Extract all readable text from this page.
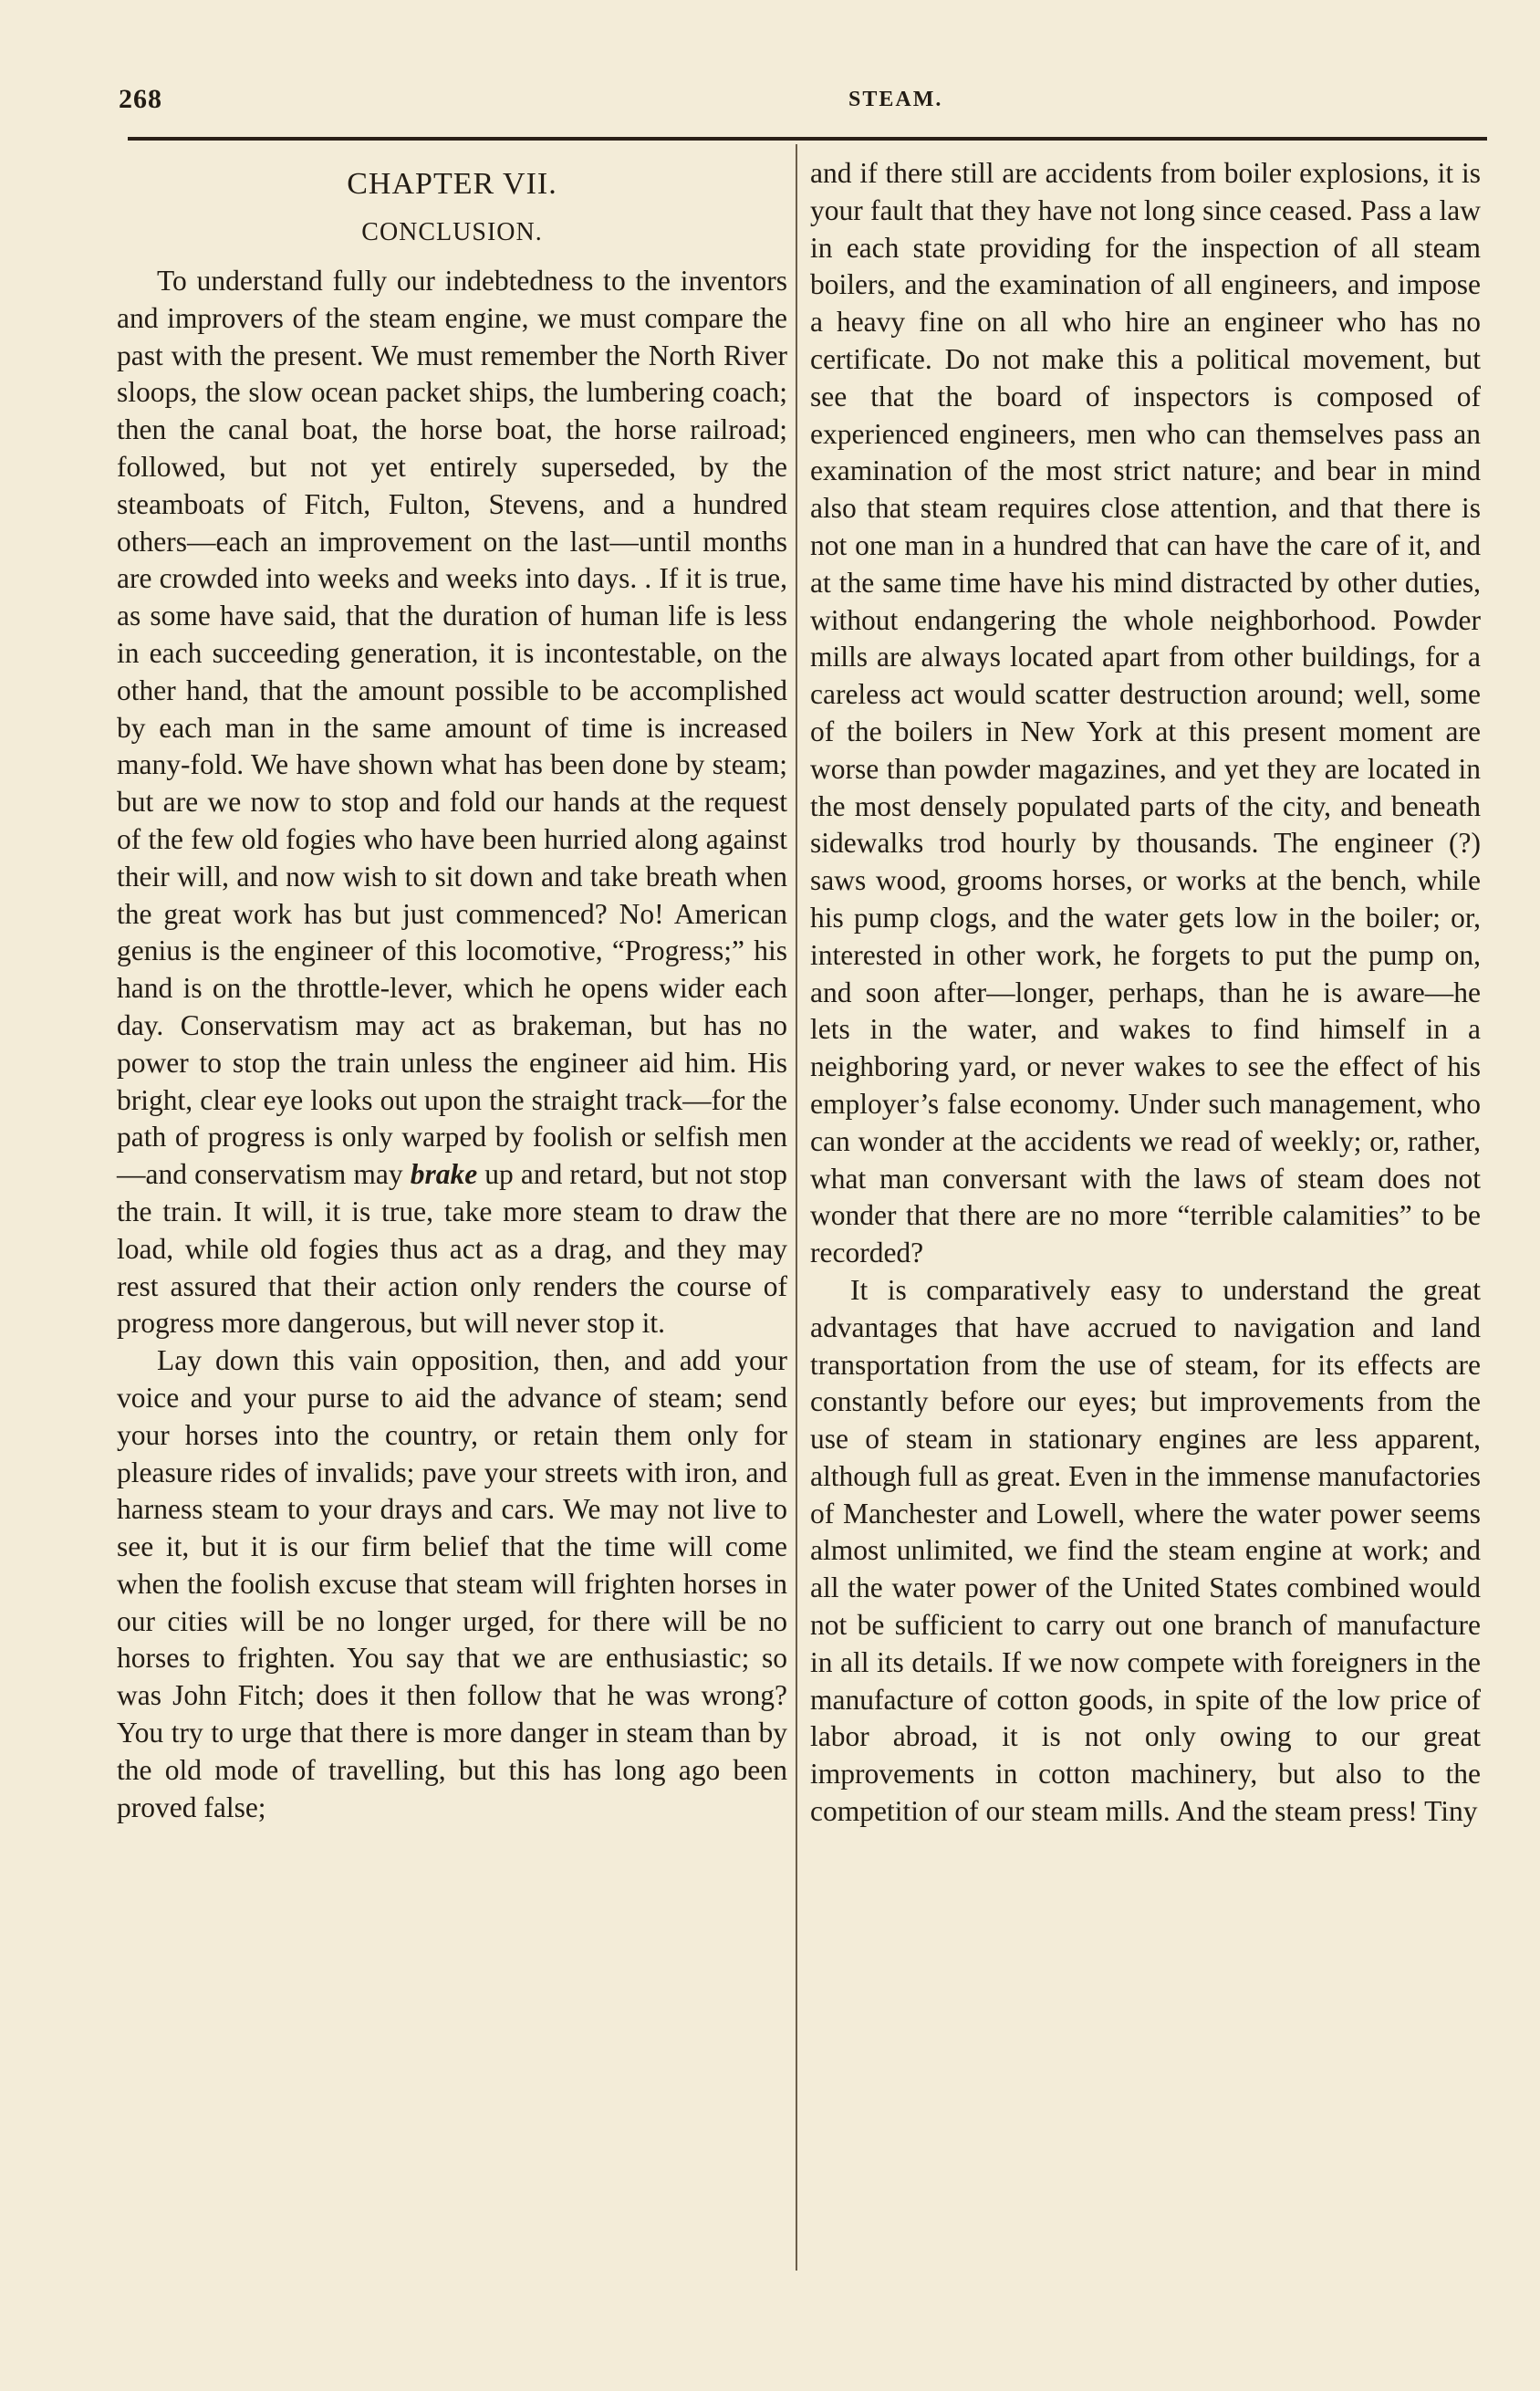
268	STEAM.
CHAPTER VII.
CONCLUSION.

To understand fully our indebtedness to the inventors and improvers of the steam engine, we must compare the past with the present. We must remember the North River sloops, the slow ocean packet ships, the lumbering coach; then the canal boat, the horse boat, the horse railroad; followed, but not yet entirely superseded, by the steamboats of Fitch, Fulton, Stevens, and a hundred others—each an improvement on the last—until months are crowded into weeks and weeks into days. . If it is true, as some have said, that the duration of human life is less in each succeeding generation, it is incontestable, on the other hand, that the amount possible to be accomplished by each man in the same amount of time is increased many-fold. We have shown what has been done by steam; but are we now to stop and fold our hands at the request of the few old fogies who have been hurried along against their will, and now wish to sit down and take breath when the great work has but just commenced? No! American genius is the engineer of this locomotive, “Progress;” his hand is on the throttle-lever, which he opens wider each day. Conservatism may act as brakeman, but has no power to stop the train unless the engineer aid him. His bright, clear eye looks out upon the straight track—for the path of progress is only warped by foolish or selfish men—and conservatism may brake up and retard, but not stop the train. It will, it is true, take more steam to draw the load, while old fogies thus act as a drag, and they may rest assured that their action only renders the course of progress more dangerous, but will never stop it.

Lay down this vain opposition, then, and add your voice and your purse to aid the advance of steam; send your horses into the country, or retain them only for pleasure rides of invalids; pave your streets with iron, and harness steam to your drays and cars. We may not live to see it, but it is our firm belief that the time will come when the foolish excuse that steam will frighten horses in our cities will be no longer urged, for there will be no horses to frighten. You say that we are enthusiastic; so was John Fitch; does it then follow that he was wrong? You try to urge that there is more danger in steam than by the old mode of travelling, but this has long ago been proved false;

and if there still are accidents from boiler explosions, it is your fault that they have not long since ceased. Pass a law in each state providing for the inspection of all steam boilers, and the examination of all engineers, and impose a heavy fine on all who hire an engineer who has no certificate. Do not make this a political movement, but see that the board of inspectors is composed of experienced engineers, men who can themselves pass an examination of the most strict nature; and bear in mind also that steam requires close attention, and that there is not one man in a hundred that can have the care of it, and at the same time have his mind distracted by other duties, without endangering the whole neighborhood. Powder mills are always located apart from other buildings, for a careless act would scatter destruction around; well, some of the boilers in New York at this present moment are worse than powder magazines, and yet they are located in the most densely populated parts of the city, and beneath sidewalks trod hourly by thousands. The engineer (?) saws wood, grooms horses, or works at the bench, while his pump clogs, and the water gets low in the boiler; or, interested in other work, he forgets to put the pump on, and soon after—longer, perhaps, than he is aware—he lets in the water, and wakes to find himself in a neighboring yard, or never wakes to see the effect of his employer’s false economy. Under such management, who can wonder at the accidents we read of weekly; or, rather, what man conversant with the laws of steam does not wonder that there are no more “terrible calamities” to be recorded?

It is comparatively easy to understand the great advantages that have accrued to navigation and land transportation from the use of steam, for its effects are constantly before our eyes; but improvements from the use of steam in stationary engines are less apparent, although full as great. Even in the immense manufactories of Manchester and Lowell, where the water power seems almost unlimited, we find the steam engine at work; and all the water power of the United States combined would not be sufficient to carry out one branch of manufacture in all its details. If we now compete with foreigners in the manufacture of cotton goods, in spite of the low price of labor abroad, it is not only owing to our great improvements in cotton machinery, but also to the competition of our steam mills. And the steam press! Tiny
